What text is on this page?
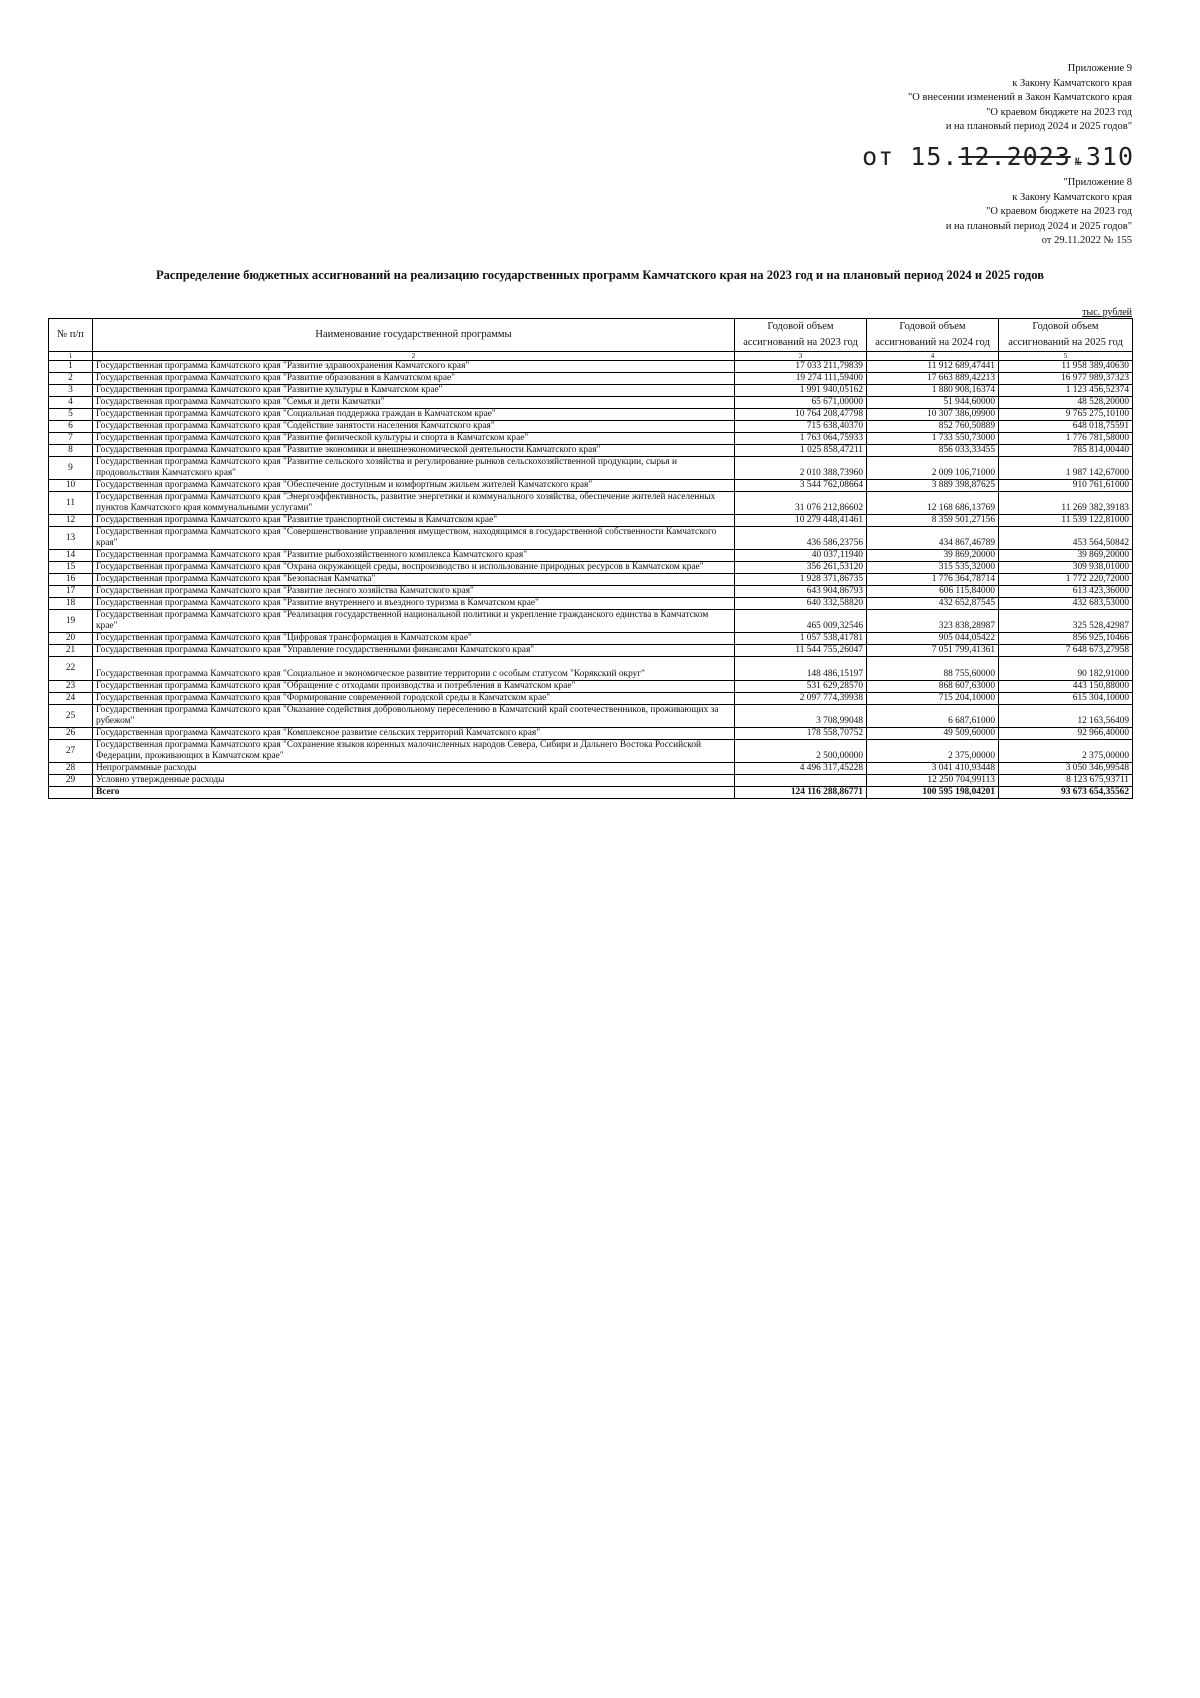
Приложение 9
к Закону Камчатского края
"О внесении изменений в Закон Камчатского края
"О краевом бюджете на 2023 год
и на плановый период 2024 и 2025 годов"
от 15.12.2023 № 310
"Приложение 8
к Закону Камчатского края
"О краевом бюджете на 2023 год
и на плановый период 2024 и 2025 годов"
от 29.11.2022 № 155
Распределение бюджетных ассигнований на реализацию государственных программ Камчатского края на 2023 год и на плановый период 2024 и 2025 годов
тыс. рублей
№ п/п	Наименование государственной программы	Годовой объем ассигнований на 2023 год	Годовой объем ассигнований на 2024 год	Годовой объем ассигнований на 2025 год
1	2	3	4	5
1	Государственная программа Камчатского края "Развитие здравоохранения Камчатского края"	17 033 211,79839	11 912 689,47441	11 958 389,40630
2	Государственная программа Камчатского края "Развитие образования в Камчатском крае"	19 274 111,59400	17 663 889,42213	16 977 989,37323
3	Государственная программа Камчатского края "Развитие культуры в Камчатском крае"	1 991 940,05162	1 880 908,16374	1 123 456,52374
4	Государственная программа Камчатского края "Семья и дети Камчатки"	65 671,00000	51 944,60000	48 528,20000
5	Государственная программа Камчатского края "Социальная поддержка граждан в Камчатском крае"	10 764 208,47798	10 307 386,09900	9 765 275,10100
6	Государственная программа Камчатского края "Содействие занятости населения Камчатского края"	715 638,40370	852 760,50889	648 018,75591
7	Государственная программа Камчатского края "Развитие физической культуры и спорта в Камчатском крае"	1 763 064,75933	1 733 550,73000	1 776 781,58000
8	Государственная программа Камчатского края "Развитие экономики и внешнеэкономической деятельности Камчатского края"	1 025 858,47211	856 033,33455	785 814,00440
9	Государственная программа Камчатского края "Развитие сельского хозяйства и регулирование рынков сельскохозяйственной продукции, сырья и продовольствия Камчатского края"	2 010 388,73960	2 009 106,71000	1 987 142,67000
10	Государственная программа Камчатского края "Обеспечение доступным и комфортным жильем жителей Камчатского края"	3 544 762,08664	3 889 398,87625	910 761,61000
11	Государственная программа Камчатского края "Энергоэффективность, развитие энергетики и коммунального хозяйства, обеспечение жителей населенных пунктов Камчатского края коммунальными услугами"	31 076 212,86602	12 168 686,13769	11 269 382,39183
12	Государственная программа Камчатского края "Развитие транспортной системы в Камчатском крае"	10 279 448,41461	8 359 501,27156	11 539 122,81000
13	Государственная программа Камчатского края "Совершенствование управления имуществом, находящимся в государственной собственности Камчатского края"	436 586,23756	434 867,46789	453 564,50842
14	Государственная программа Камчатского края "Развитие рыбохозяйственного комплекса Камчатского края"	40 037,11940	39 869,20000	39 869,20000
15	Государственная программа Камчатского края "Охрана окружающей среды, воспроизводство и использование природных ресурсов в Камчатском крае"	356 261,53120	315 535,32000	309 938,01000
16	Государственная программа Камчатского края "Безопасная Камчатка"	1 928 371,86735	1 776 364,78714	1 772 220,72000
17	Государственная программа Камчатского края "Развитие лесного хозяйства Камчатского края"	643 904,86793	606 115,84000	613 423,36000
18	Государственная программа Камчатского края "Развитие внутреннего и въездного туризма в Камчатском крае"	640 332,58820	432 652,87545	432 683,53000
19	Государственная программа Камчатского края "Реализация государственной национальной политики и укрепление гражданского единства в Камчатском крае"	465 009,32546	323 838,28987	325 528,42987
20	Государственная программа Камчатского края "Цифровая трансформация в Камчатском крае"	1 057 538,41781	905 044,05422	856 925,10466
21	Государственная программа Камчатского края "Управление государственными финансами Камчатского края"	11 544 755,26047	7 051 799,41361	7 648 673,27958
22	Государственная программа Камчатского края "Социальное и экономическое развитие территории с особым статусом "Корякский округ"	148 486,15197	88 755,60000	90 182,91000
23	Государственная программа Камчатского края "Обращение с отходами производства и потребления в Камчатском крае"	531 629,28570	868 607,63000	443 150,88000
24	Государственная программа Камчатского края "Формирование современной городской среды в Камчатском крае"	2 097 774,39938	715 204,10000	615 304,10000
25	Государственная программа Камчатского края "Оказание содействия добровольному переселению в Камчатский край соотечественников, проживающих за рубежом"	3 708,99048	6 687,61000	12 163,56409
26	Государственная программа Камчатского края "Комплексное развитие сельских территорий Камчатского края"	178 558,70752	49 509,60000	92 966,40000
27	Государственная программа Камчатского края "Сохранение языков коренных малочисленных народов Севера, Сибири и Дальнего Востока Российской Федерации, проживающих в Камчатском крае"	2 500,00000	2 375,00000	2 375,00000
28	Непрограммные расходы	4 496 317,45228	3 041 410,93448	3 050 346,99548
29	Условно утвержденные расходы		12 250 704,99113	8 123 675,93711
	Всего	124 116 288,86771	100 595 198,04201	93 673 654,35562
